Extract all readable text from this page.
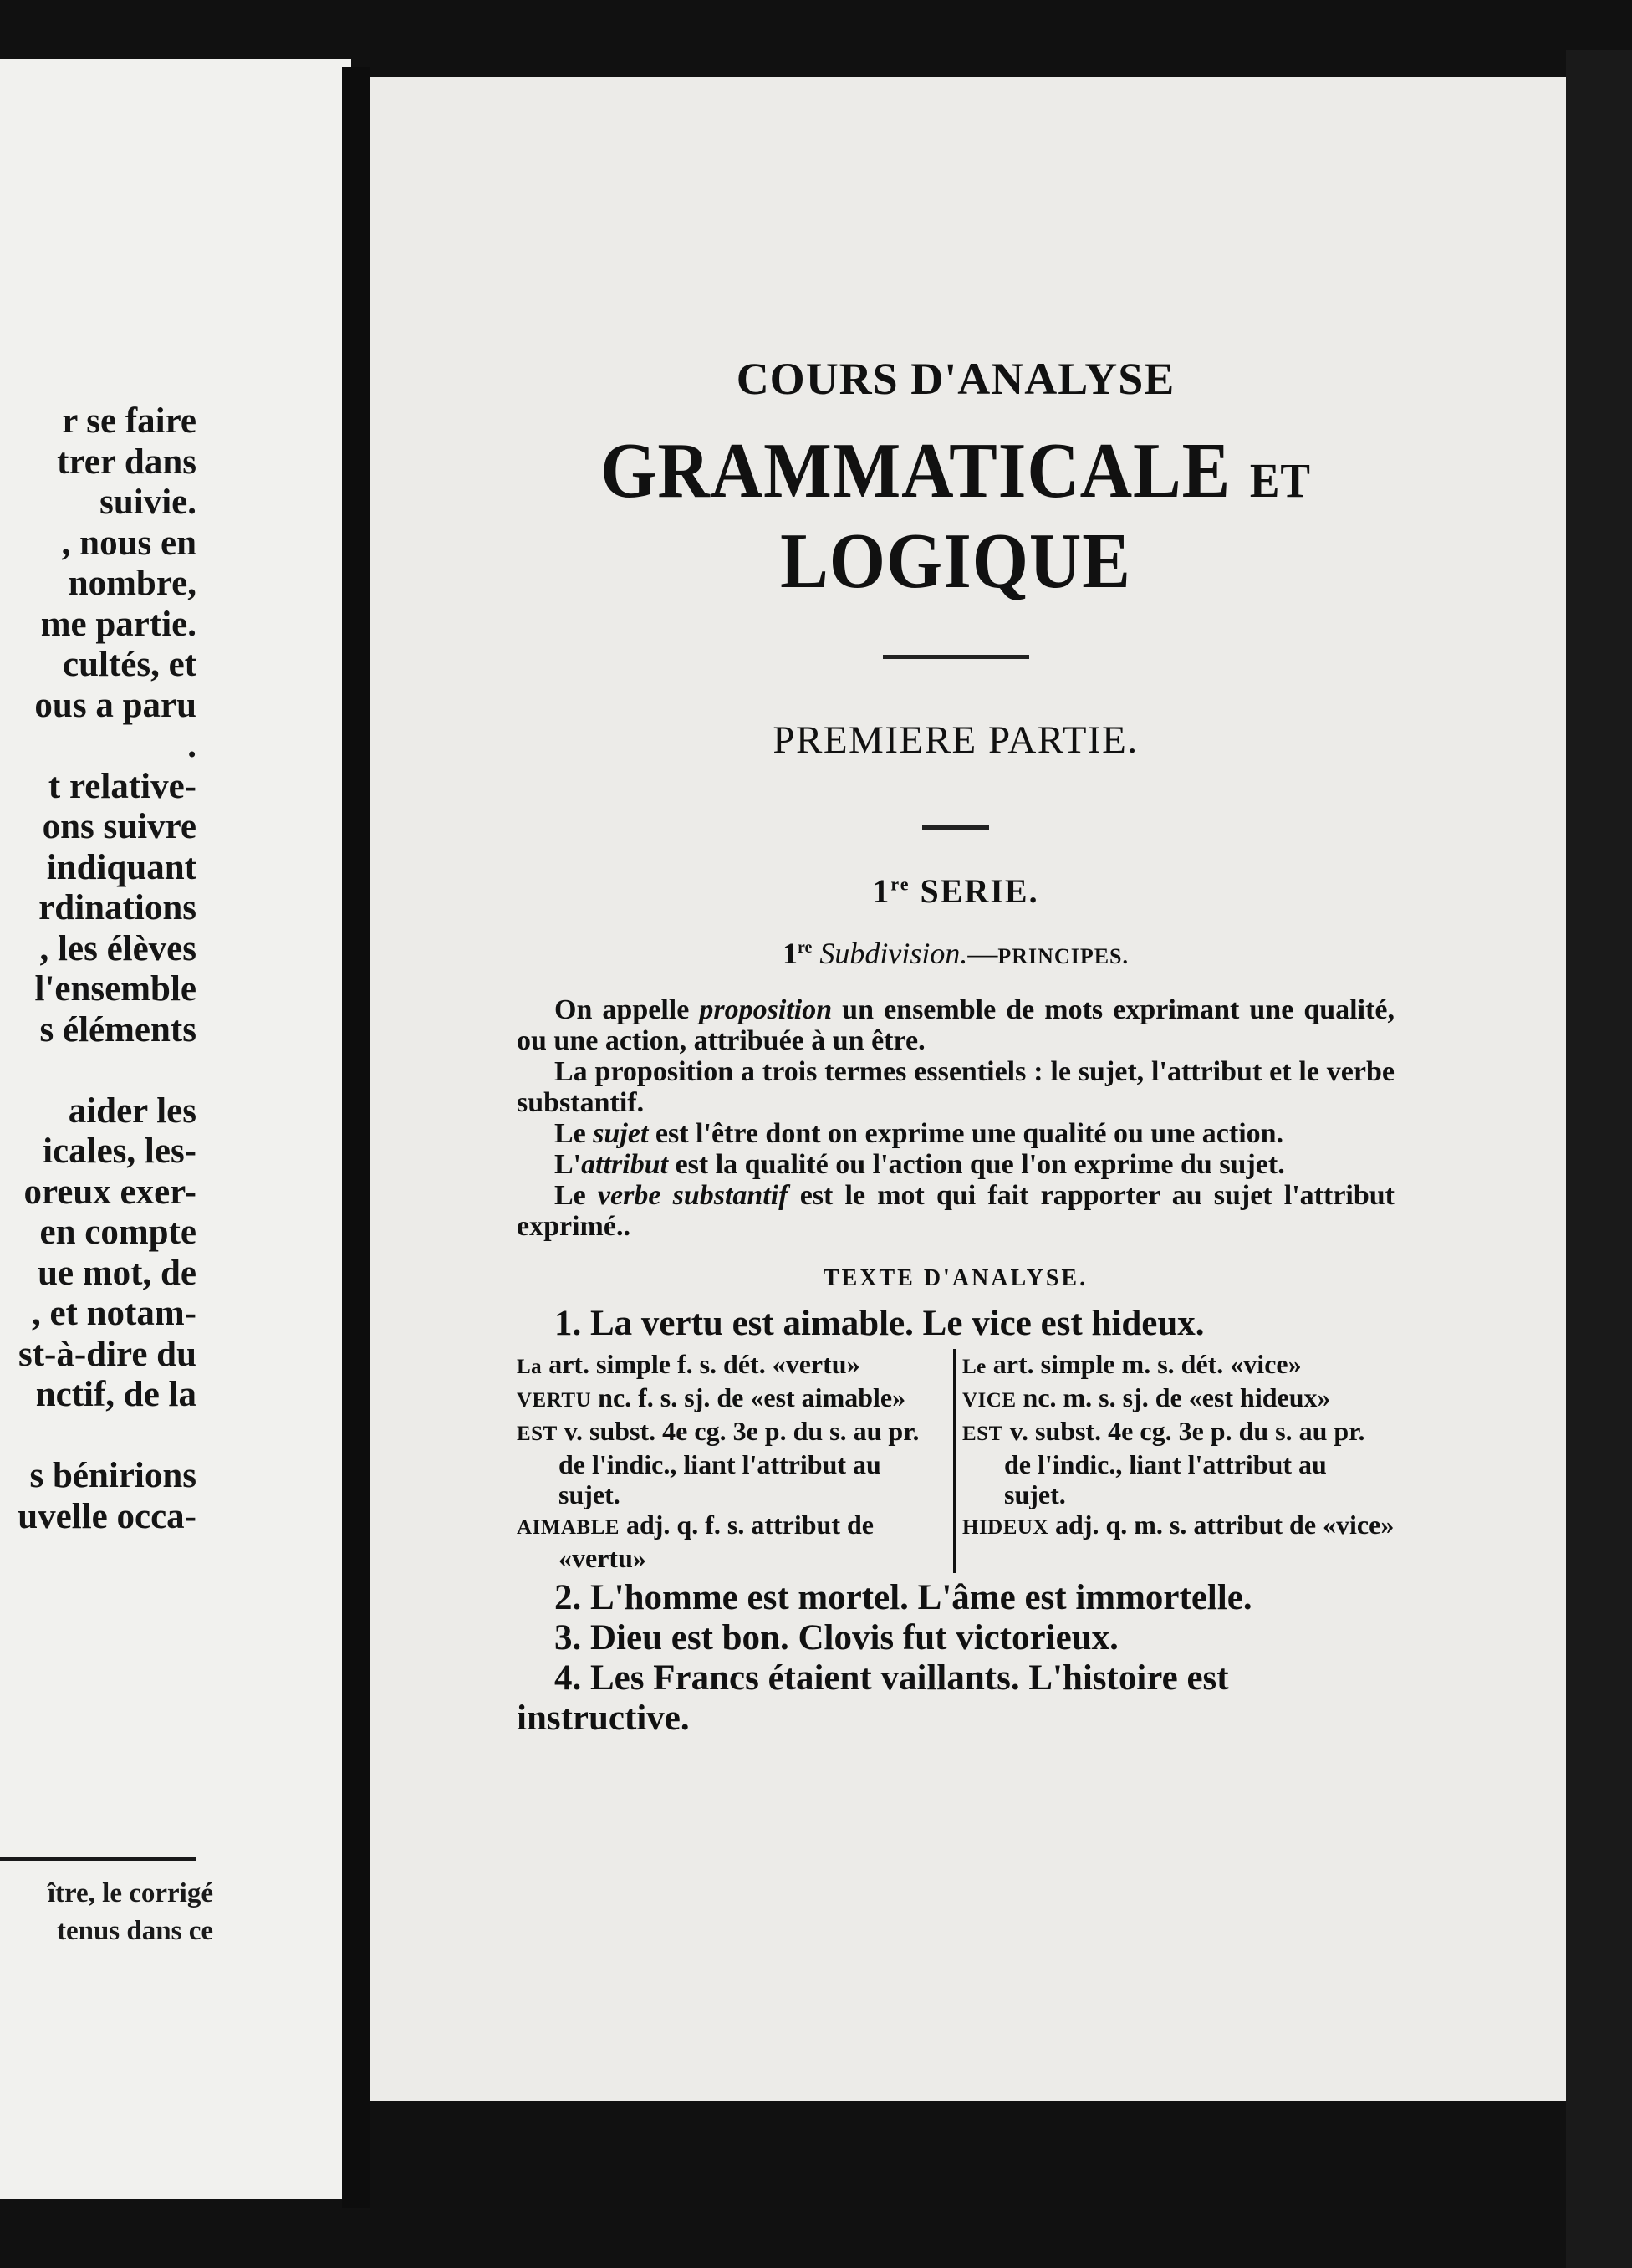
r se faire
trer dans
suivie.
, nous en
nombre,
me partie.
cultés, et
ous a paru
.
t relative-
ons suivre
indiquant
rdinations
, les élèves
l'ensemble
s éléments

aider les
icales, les-
oreux exer-
en compte
ue mot, de
, et notam-
st-à-dire du
nctif, de la

s bénirions
uvelle occa-
ître, le corrigé
tenus dans ce
COURS D'ANALYSE
GRAMMATICALE ET LOGIQUE
PREMIERE PARTIE.
1re SERIE.
1re Subdivision.—PRINCIPES.
On appelle proposition un ensemble de mots exprimant une qualité, ou une action, attribuée à un être.
La proposition a trois termes essentiels : le sujet, l'attribut et le verbe substantif.
Le sujet est l'être dont on exprime une qualité ou une action.
L'attribut est la qualité ou l'action que l'on exprime du sujet.
Le verbe substantif est le mot qui fait rapporter au sujet l'attribut exprimé..
TEXTE D'ANALYSE.
1. La vertu est aimable. Le vice est hideux.
La art. simple f. s. dét. «vertu»
VERTU nc. f. s. sj. de «est aimable»
EST v. subst. 4e cg. 3e p. du s. au pr. de l'indic., liant l'attribut au sujet.
AIMABLE adj. q. f. s. attribut de «vertu»
Le art. simple m. s. dét. «vice»
VICE nc. m. s. sj. de «est hideux»
EST v. subst. 4e cg. 3e p. du s. au pr. de l'indic., liant l'attribut au sujet.
HIDEUX adj. q. m. s. attribut de «vice»
2. L'homme est mortel. L'âme est immortelle.
3. Dieu est bon. Clovis fut victorieux.
4. Les Francs étaient vaillants. L'histoire est
instructive.
